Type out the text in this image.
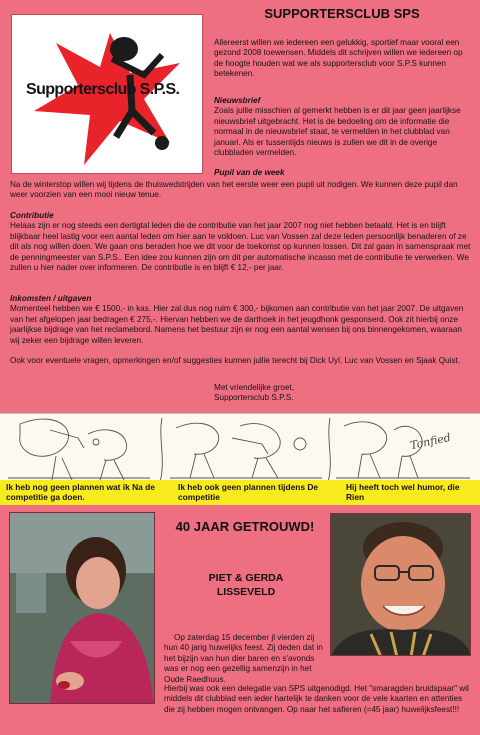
Supportersclub S.P.S.
SUPPORTERSCLUB SPS

Allereerst willen we iedereen een gelukkig, sportief maar vooral een gezond 2008 toewensen. Middels dit schrijven willen we iedereen op de hoogte houden wat we als supportersclub voor S.P.S kunnen betekenen.

Nieuwsbrief

Zoals jullie misschien al gemerkt hebben is er dit jaar geen jaarlijkse nieuwsbrief uitgebracht. Het is de bedoeling om de informatie die normaal in de nieuwsbrief staat, te vermelden in het clubblad van januari. Als er tussentijds nieuws is zullen we dit in de overige clubbladen vermelden.

Pupil van de week

Na de winterstop willen wij tijdens de thuiswedstrijden van het eerste weer een pupil uit nodigen. We kunnen deze pupil dan weer voorzien van een mooi nieuw tenue.

Contributie

Helaas zijn er nog steeds een dertigtal leden die de contributie van het jaar 2007 nog niet hebben betaald. Het is en blijft blijkbaar heel lastig voor een aantal leden om hier aan te voldoen. Luc van Vossen zal deze leden persoonlijk benaderen of ze dit als nog willen doen. We gaan ons beraden hoe we dit voor de toekomst op kunnen lossen. Dit zal gaan in samenspraak met de penningmeester van S.P.S.. Een idee zou kunnen zijn om dit per automatische incasso met de contributie te verwerken. We zullen u hier nader over informeren. De contributie is en blijft € 12,- per jaar.

Inkomsten / uitgaven

Momenteel hebben we € 1500,- in kas. Hier zal dus nog ruim € 300,- bijkomen aan contributie van het jaar 2007. De uitgaven van het afgelopen jaar bedragen € 275,-. Hiervan hebben we de darthoek in het jeugdhonk gesponserd. Ook zit hierbij onze jaarlijkse bijdrage van het reclamebord. Namens het bestuur zijn er nog een aantal wensen bij ons binnengekomen, waaraan wij zeker een bijdrage willen leveren.

Ook voor eventuele vragen, opmerkingen en/of suggesties kunnen jullie terecht bij Dick Uyl, Luc van Vossen en Sjaak Quist.

Met vriendelijke groet,

Supportersclub S.P.S.

Tonfied

Ik heb nog geen plannen wat ik Na de competitie ga doen.

Ik heb ook geen plannen tijdens De competitie

Hij heeft toch wel humor, die Rien

40 JAAR GETROUWD!

PIET & GERDA

LISSEVELD

Op zaterdag 15 december jl vierden zij hun 40 jarig huwelijks feest. Zij deden dat in het bijzijn van hun dier baren en s'avonds was er nog een gezellig samenzijn in het Oude Raedhuus.

Hierbij was ook een delegatie van SPS uitgenodigd. Het "smaragden bruidspaar" wil middels dit clubblad een ieder hartelijk te danken voor de vele kaarten en attenties die zij hebben mogen ontvangen. Op naar het safieren (=45 jaar) huwelijksfeest!!!
